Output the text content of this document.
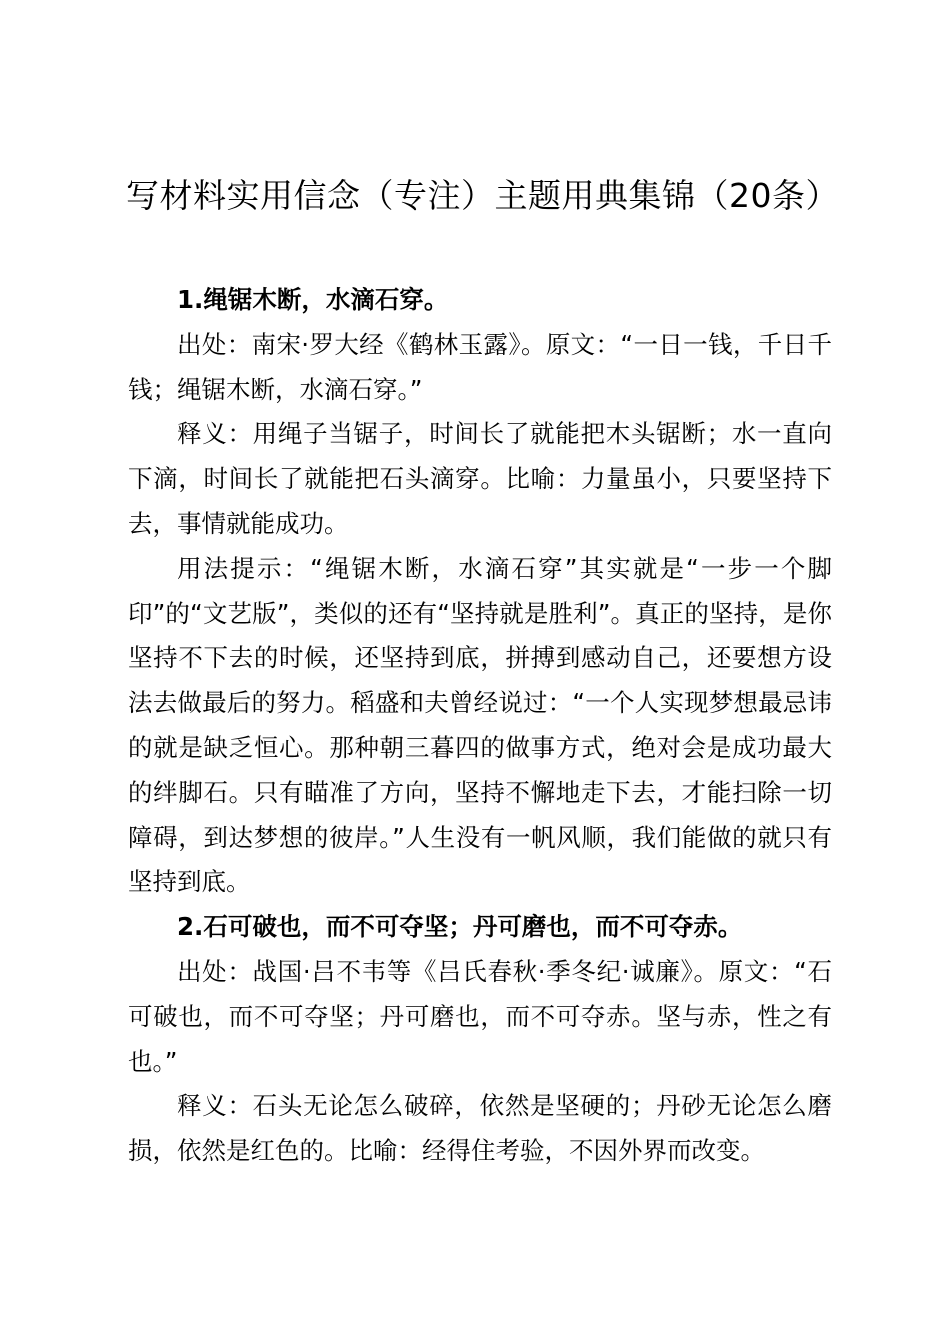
写材料实用信念（专注）主题用典集锦（20条）

1.绳锯木断，水滴石穿。

出处：南宋·罗大经《鹤林玉露》。原文：“一日一钱，千日千钱；绳锯木断，水滴石穿。”

释义：用绳子当锯子，时间长了就能把木头锯断；水一直向下滴，时间长了就能把石头滴穿。比喻：力量虽小，只要坚持下去，事情就能成功。

用法提示：“绳锯木断，水滴石穿”其实就是“一步一个脚印”的“文艺版”，类似的还有“坚持就是胜利”。真正的坚持，是你坚持不下去的时候，还坚持到底，拼搏到感动自己，还要想方设法去做最后的努力。稻盛和夫曾经说过：“一个人实现梦想最忌讳的就是缺乏恒心。那种朝三暮四的做事方式，绝对会是成功最大的绊脚石。只有瞄准了方向，坚持不懈地走下去，才能扫除一切障碍，到达梦想的彼岸。”人生没有一帆风顺，我们能做的就只有坚持到底。

2.石可破也，而不可夺坚；丹可磨也，而不可夺赤。

出处：战国·吕不韦等《吕氏春秋·季冬纪·诚廉》。原文：“石可破也，而不可夺坚；丹可磨也，而不可夺赤。坚与赤，性之有也。”

释义：石头无论怎么破碎，依然是坚硬的；丹砂无论怎么磨损，依然是红色的。比喻：经得住考验，不因外界而改变。
